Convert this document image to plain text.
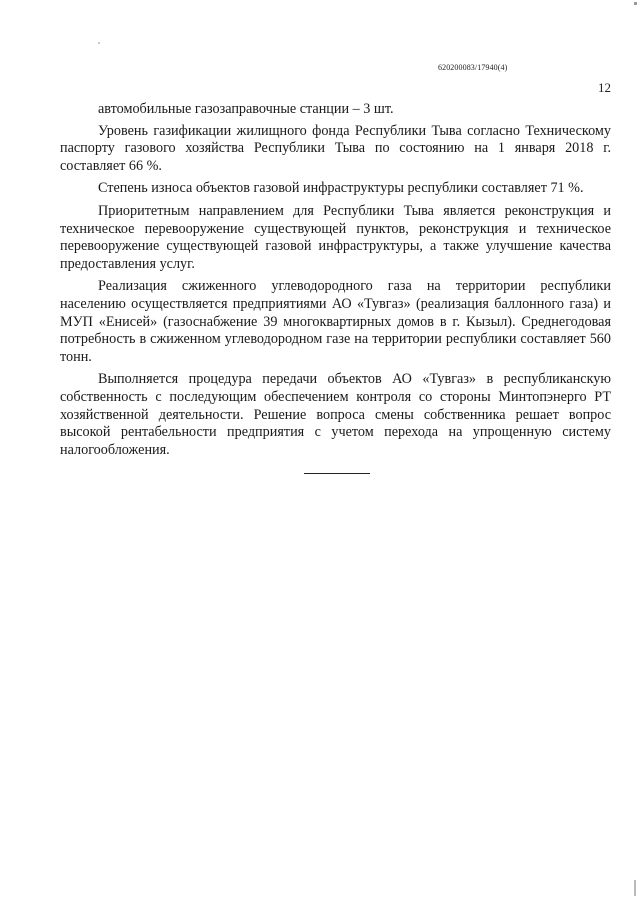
620200083/17940(4)
12

автомобильные газозаправочные станции – 3 шт.

Уровень газификации жилищного фонда Республики Тыва согласно Техническому паспорту газового хозяйства Республики Тыва по состоянию на 1 января 2018 г. составляет 66 %.

Степень износа объектов газовой инфраструктуры республики составляет 71 %.

Приоритетным направлением для Республики Тыва является реконструкция и техническое перевооружение существующей пунктов, реконструкция и техническое перевооружение существующей газовой инфраструктуры, а также улучшение качества предоставления услуг.

Реализация сжиженного углеводородного газа на территории республики населению осуществляется предприятиями АО «Тувгаз» (реализация баллонного газа) и МУП «Енисей» (газоснабжение 39 многоквартирных домов в г. Кызыл). Среднегодовая потребность в сжиженном углеводородном газе на территории республики составляет 560 тонн.

Выполняется процедура передачи объектов АО «Тувгаз» в республиканскую собственность с последующим обеспечением контроля со стороны Минтопэнерго РТ хозяйственной деятельности. Решение вопроса смены собственника решает вопрос высокой рентабельности предприятия с учетом перехода на упрощенную систему налогообложения.
